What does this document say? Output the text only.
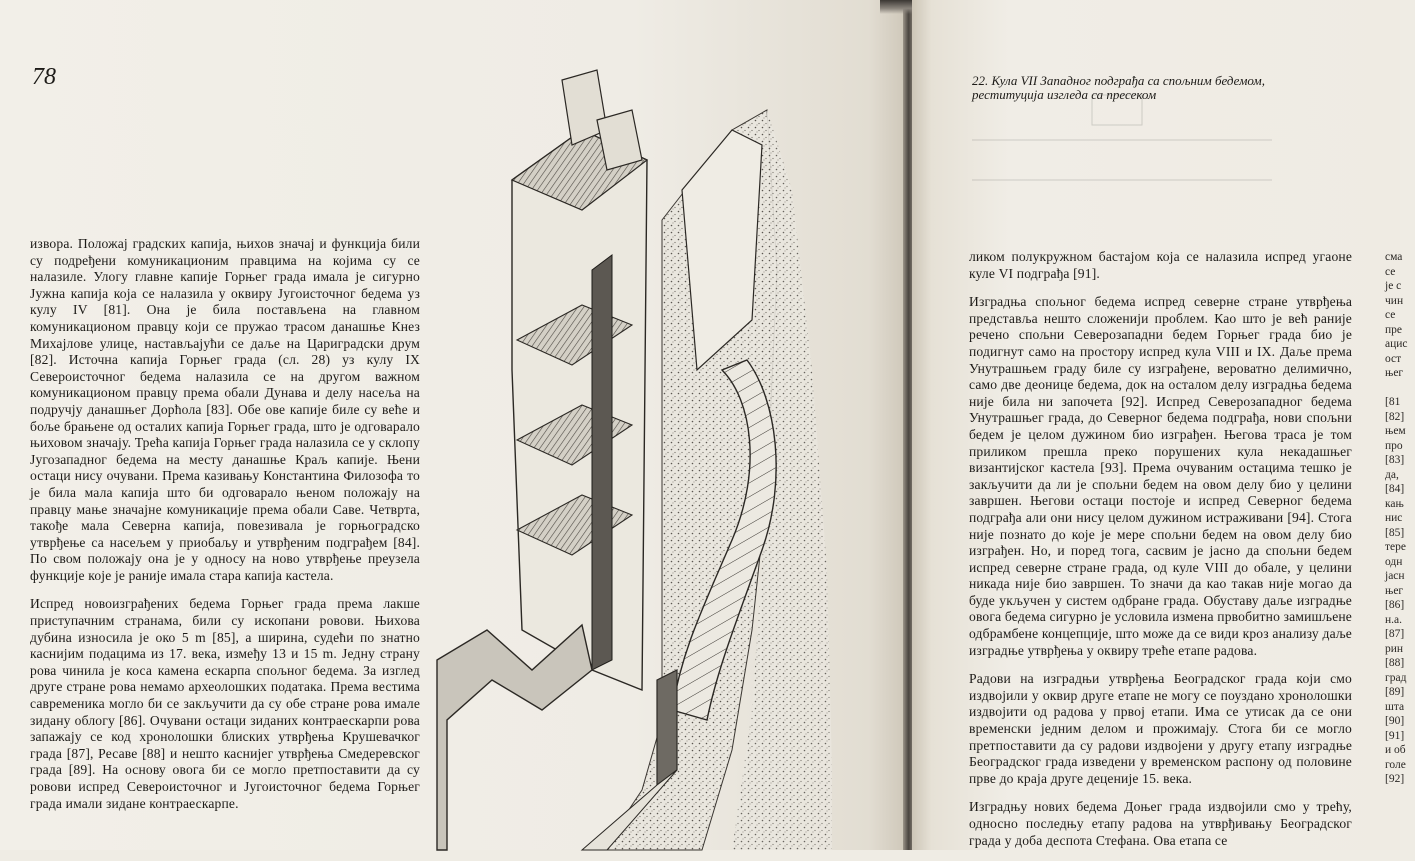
78

извора. Положај градских капија, њихов значај и функција били су подређени комуникационим правцима на којима су се налазиле. Улогу главне капије Горњег града имала је сигурно Јужна капија која се налазила у оквиру Југоисточног бедема уз кулу IV [81]. Она је била постављена на главном комуникационом правцу који се пружао трасом данашње Кнез Михајлове улице, настављајући се даље на Цариградски друм [82]. Источна капија Горњег града (сл. 28) уз кулу IX Североисточног бедема налазила се на другом важном комуникационом правцу према обали Дунава и делу насеља на подручју данашњег Дорћола [83]. Обе ове капије биле су веће и боље брањене од осталих капија Горњег града, што је одговарало њиховом значају. Трећа капија Горњег града налазила се у склопу Југозападног бедема на месту данашње Краљ капије. Њени остаци нису очувани. Према казивању Константина Филозофа то је била мала капија што би одговарало њеном положају на правцу мање значајне комуникације према обали Саве. Четврта, такође мала Северна капија, повезивала је горњоградско утврђење са насељем у приобаљу и утврђеним подграђем [84]. По свом положају она је у односу на ново утврђење преузела функције које је раније имала стара капија кастела.

Испред новоизграђених бедема Горњег града према лакше приступачним странама, били су ископани ровови. Њихова дубина износила је око 5 m [85], а ширина, судећи по знатно каснијим подацима из 17. века, између 13 и 15 m. Једну страну рова чинила је коса камена ескарпа спољног бедема. За изглед друге стране рова немамо археолошких података. Према вестима савременика могло би се закључити да су обе стране рова имале зидану облогу [86]. Очувани остаци зиданих контраескарпи рова запажају се код хронолошки блиских утврђења Крушевачког града [87], Ресаве [88] и нешто каснијег утврђења Смедеревског града [89]. На основу овога би се могло претпоставити да су ровови испред Североисточног и Југоисточног бедема Горњег града имали зидане контраескарпе.

22. Кула VII Западног подграђа са спољним бедемом,
реституција изгледа са пресеком

ликом полукружном бастајом која се налазила испред угаоне куле VI подграђа [91].

Изградња спољног бедема испред северне стране утврђења представља нешто сложенији проблем. Као што је већ раније речено спољни Северозападни бедем Горњег града био је подигнут само на простору испред кула VIII и IX. Даље према Унутрашњем граду биле су изграђене, вероватно делимично, само две деонице бедема, док на осталом делу изградња бедема није била ни започета [92]. Испред Северозападног бедема Унутрашњег града, до Северног бедема подграђа, нови спољни бедем је целом дужином био изграђен. Његова траса је том приликом прешла преко порушених кула некадашњег византијског кастела [93]. Према очуваним остацима тешко је закључити да ли је спољни бедем на овом делу био у целини завршен. Његови остаци постоје и испред Северног бедема подграђа али они нису целом дужином истраживани [94]. Стога није познато до које је мере спољни бедем на овом делу био изграђен. Но, и поред тога, сасвим је јасно да спољни бедем испред северне стране града, од куле VIII до обале, у целини никада није био завршен. То значи да као такав није могао да буде укључен у систем одбране града. Обуставу даље изградње овога бедема сигурно је условила измена првобитно замишљене одбрамбене концепције, што може да се види кроз анализу даље изградње утврђења у оквиру треће етапе радова.

Радови на изградњи утврђења Београдског града који смо издвојили у оквир друге етапе не могу се поуздано хронолошки издвојити од радова у првој етапи. Има се утисак да се они временски једним делом и прожимају. Стога би се могло претпоставити да су радови издвојени у другу етапу изградње Београдског града изведени у временском распону од половине прве до краја друге деценије 15. века.

Изградњу нових бедема Доњег града издвојили смо у трећу, односно последњу етапу радова на утврђивању Београдског града у доба деспота Стефана. Ова етапа се

сма
се
је с
чин
се
пре
ацис
ост
њег

[81
[82]
њем
про
[83]
да,
[84]
кањ
нис
[85]
тере
одн
јасн
њег
[86]
н.а.
[87]
рин
[88]
град
[89]
шта
[90]
[91]
и об
голе
[92]
